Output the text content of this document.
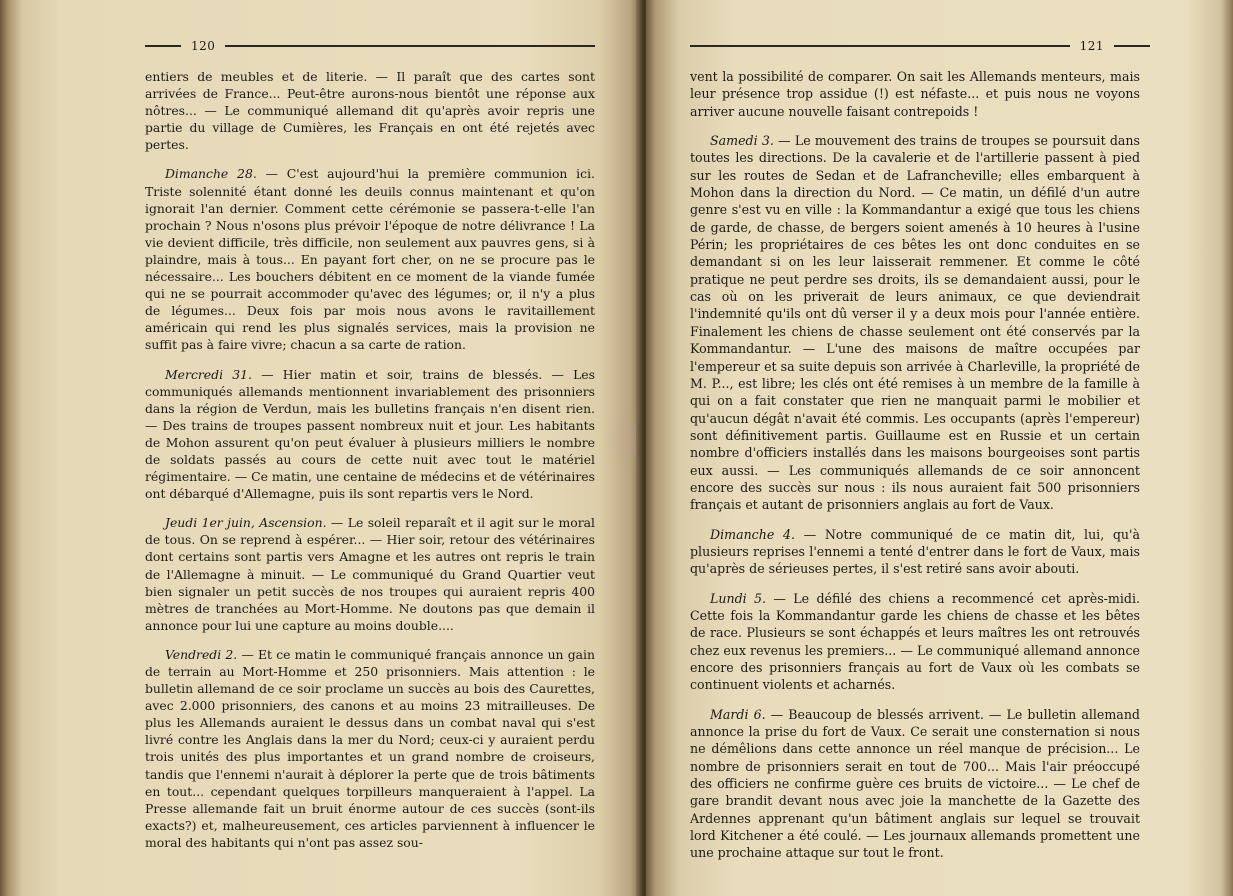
120

entiers de meubles et de literie. — Il paraît que des cartes sont arrivées de France... Peut-être aurons-nous bientôt une réponse aux nôtres... — Le communiqué allemand dit qu'après avoir repris une partie du village de Cumières, les Français en ont été rejetés avec pertes.

Dimanche 28. — C'est aujourd'hui la première communion ici. Triste solennité étant donné les deuils connus maintenant et qu'on ignorait l'an dernier. Comment cette cérémonie se passera-t-elle l'an prochain ? Nous n'osons plus prévoir l'époque de notre délivrance ! La vie devient difficile, très difficile, non seulement aux pauvres gens, si à plaindre, mais à tous... En payant fort cher, on ne se procure pas le nécessaire... Les bouchers débitent en ce moment de la viande fumée qui ne se pourrait accommoder qu'avec des légumes; or, il n'y a plus de légumes... Deux fois par mois nous avons le ravitaillement américain qui rend les plus signalés services, mais la provision ne suffit pas à faire vivre; chacun a sa carte de ration.

Mercredi 31. — Hier matin et soir, trains de blessés. — Les communiqués allemands mentionnent invariablement des prisonniers dans la région de Verdun, mais les bulletins français n'en disent rien. — Des trains de troupes passent nombreux nuit et jour. Les habitants de Mohon assurent qu'on peut évaluer à plusieurs milliers le nombre de soldats passés au cours de cette nuit avec tout le matériel régimentaire. — Ce matin, une centaine de médecins et de vétérinaires ont débarqué d'Allemagne, puis ils sont repartis vers le Nord.

Jeudi 1er juin, Ascension. — Le soleil reparaît et il agit sur le moral de tous. On se reprend à espérer... — Hier soir, retour des vétérinaires dont certains sont partis vers Amagne et les autres ont repris le train de l'Allemagne à minuit. — Le communiqué du Grand Quartier veut bien signaler un petit succès de nos troupes qui auraient repris 400 mètres de tranchées au Mort-Homme. Ne doutons pas que demain il annonce pour lui une capture au moins double....

Vendredi 2. — Et ce matin le communiqué français annonce un gain de terrain au Mort-Homme et 250 prisonniers. Mais attention : le bulletin allemand de ce soir proclame un succès au bois des Caurettes, avec 2.000 prisonniers, des canons et au moins 23 mitrailleuses. De plus les Allemands auraient le dessus dans un combat naval qui s'est livré contre les Anglais dans la mer du Nord; ceux-ci y auraient perdu trois unités des plus importantes et un grand nombre de croiseurs, tandis que l'ennemi n'aurait à déplorer la perte que de trois bâtiments en tout... cependant quelques torpilleurs manqueraient à l'appel. La Presse allemande fait un bruit énorme autour de ces succès (sont-ils exacts?) et, malheureusement, ces articles parviennent à influencer le moral des habitants qui n'ont pas assez sou-

121

vent la possibilité de comparer. On sait les Allemands menteurs, mais leur présence trop assidue (!) est néfaste... et puis nous ne voyons arriver aucune nouvelle faisant contrepoids !

Samedi 3. — Le mouvement des trains de troupes se poursuit dans toutes les directions. De la cavalerie et de l'artillerie passent à pied sur les routes de Sedan et de Lafrancheville; elles embarquent à Mohon dans la direction du Nord. — Ce matin, un défilé d'un autre genre s'est vu en ville : la Kommandantur a exigé que tous les chiens de garde, de chasse, de bergers soient amenés à 10 heures à l'usine Périn; les propriétaires de ces bêtes les ont donc conduites en se demandant si on les leur laisserait remmener. Et comme le côté pratique ne peut perdre ses droits, ils se demandaient aussi, pour le cas où on les priverait de leurs animaux, ce que deviendrait l'indemnité qu'ils ont dû verser il y a deux mois pour l'année entière. Finalement les chiens de chasse seulement ont été conservés par la Kommandantur. — L'une des maisons de maître occupées par l'empereur et sa suite depuis son arrivée à Charleville, la propriété de M. P..., est libre; les clés ont été remises à un membre de la famille à qui on a fait constater que rien ne manquait parmi le mobilier et qu'aucun dégât n'avait été commis. Les occupants (après l'empereur) sont définitivement partis. Guillaume est en Russie et un certain nombre d'officiers installés dans les maisons bourgeoises sont partis eux aussi. — Les communiqués allemands de ce soir annoncent encore des succès sur nous : ils nous auraient fait 500 prisonniers français et autant de prisonniers anglais au fort de Vaux.

Dimanche 4. — Notre communiqué de ce matin dit, lui, qu'à plusieurs reprises l'ennemi a tenté d'entrer dans le fort de Vaux, mais qu'après de sérieuses pertes, il s'est retiré sans avoir abouti.

Lundi 5. — Le défilé des chiens a recommencé cet après-midi. Cette fois la Kommandantur garde les chiens de chasse et les bêtes de race. Plusieurs se sont échappés et leurs maîtres les ont retrouvés chez eux revenus les premiers... — Le communiqué allemand annonce encore des prisonniers français au fort de Vaux où les combats se continuent violents et acharnés.

Mardi 6. — Beaucoup de blessés arrivent. — Le bulletin allemand annonce la prise du fort de Vaux. Ce serait une consternation si nous ne démêlions dans cette annonce un réel manque de précision... Le nombre de prisonniers serait en tout de 700... Mais l'air préoccupé des officiers ne confirme guère ces bruits de victoire... — Le chef de gare brandit devant nous avec joie la manchette de la Gazette des Ardennes apprenant qu'un bâtiment anglais sur lequel se trouvait lord Kitchener a été coulé. — Les journaux allemands promettent une une prochaine attaque sur tout le front.
